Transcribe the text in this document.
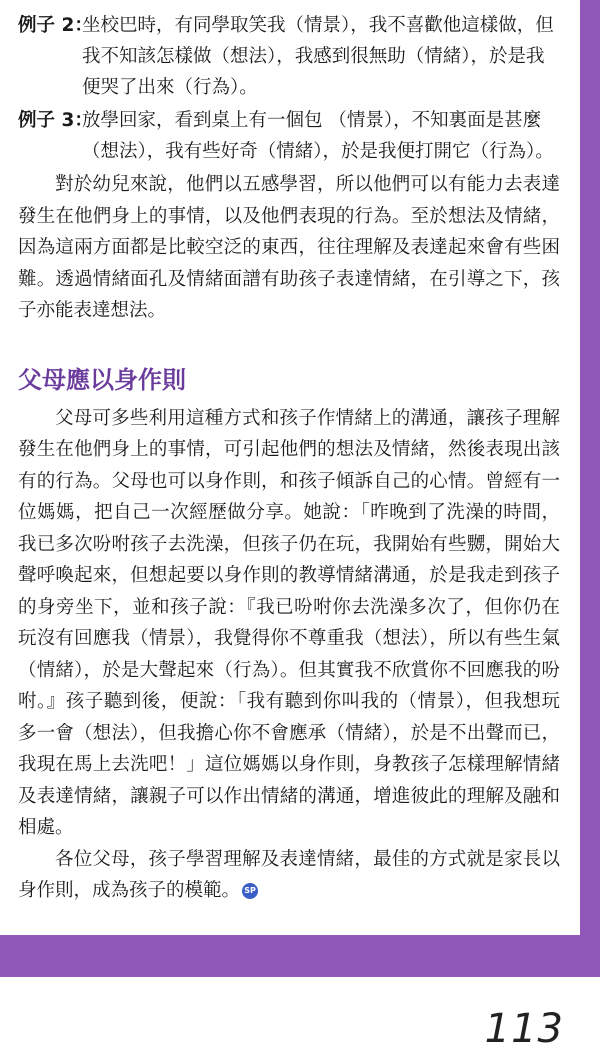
例子 2：
坐校巴時，有同學取笑我（情景），我不喜歡他這樣做，但我不知該怎樣做（想法），我感到很無助（情緒），於是我便哭了出來（行為）。
例子 3：
放學回家，看到桌上有一個包 （情景），不知裏面是甚麼（想法），我有些好奇（情緒），於是我便打開它（行為）。

對於幼兒來說，他們以五感學習，所以他們可以有能力去表達發生在他們身上的事情，以及他們表現的行為。至於想法及情緒，因為這兩方面都是比較空泛的東西，往往理解及表達起來會有些困難。透過情緒面孔及情緒面譜有助孩子表達情緒，在引導之下，孩子亦能表達想法。

父母應以身作則

父母可多些利用這種方式和孩子作情緒上的溝通，讓孩子理解發生在他們身上的事情，可引起他們的想法及情緒，然後表現出該有的行為。父母也可以身作則，和孩子傾訴自己的心情。曾經有一位媽媽，把自己一次經歷做分享。她說：「昨晚到了洗澡的時間，我已多次吩咐孩子去洗澡，但孩子仍在玩，我開始有些嬲，開始大聲呼喚起來，但想起要以身作則的教導情緒溝通，於是我走到孩子的身旁坐下，並和孩子說：『我已吩咐你去洗澡多次了，但你仍在玩沒有回應我（情景），我覺得你不尊重我（想法），所以有些生氣（情緒），於是大聲起來（行為）。但其實我不欣賞你不回應我的吩咐。』孩子聽到後，便說：「我有聽到你叫我的（情景），但我想玩多一會（想法），但我擔心你不會應承（情緒），於是不出聲而已，我現在馬上去洗吧！」這位媽媽以身作則，身教孩子怎樣理解情緒及表達情緒，讓親子可以作出情緒的溝通，增進彼此的理解及融和相處。

各位父母，孩子學習理解及表達情緒，最佳的方式就是家長以身作則，成為孩子的模範。 SP

113
